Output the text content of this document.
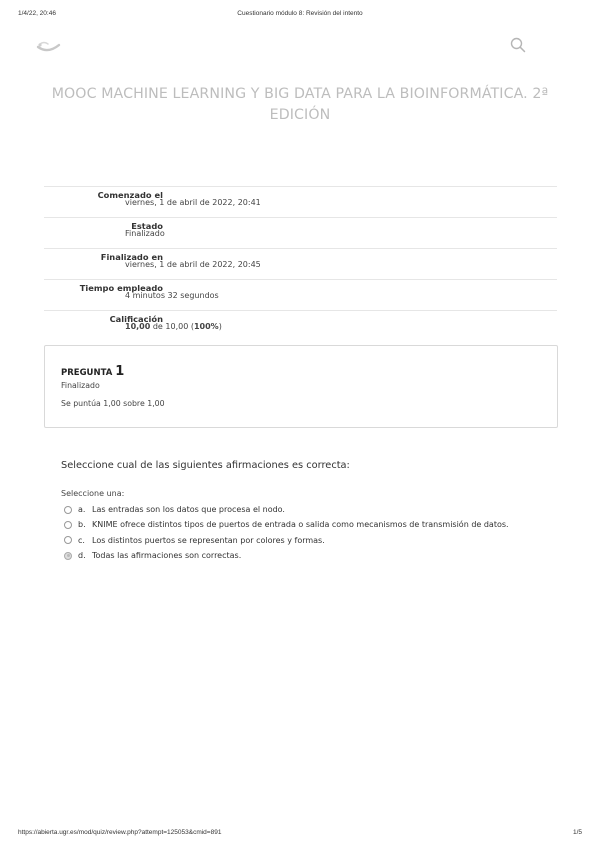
1/4/22, 20:46	Cuestionario módulo 8: Revisión del intento
MOOC MACHINE LEARNING Y BIG DATA PARA LA BIOINFORMÁTICA. 2ª EDICIÓN
Comenzado el
viernes, 1 de abril de 2022, 20:41
Estado
Finalizado
Finalizado en
viernes, 1 de abril de 2022, 20:45
Tiempo empleado
4 minutos 32 segundos
Calificación
10,00 de 10,00 (100%)
PREGUNTA 1
Finalizado
Se puntúa 1,00 sobre 1,00
Seleccione cual de las siguientes afirmaciones es correcta:
Seleccione una:
a. Las entradas son los datos que procesa el nodo.
b. KNIME ofrece distintos tipos de puertos de entrada o salida como mecanismos de transmisión de datos.
c. Los distintos puertos se representan por colores y formas.
d. Todas las afirmaciones son correctas.
https://abierta.ugr.es/mod/quiz/review.php?attempt=125053&cmid=891	1/5
